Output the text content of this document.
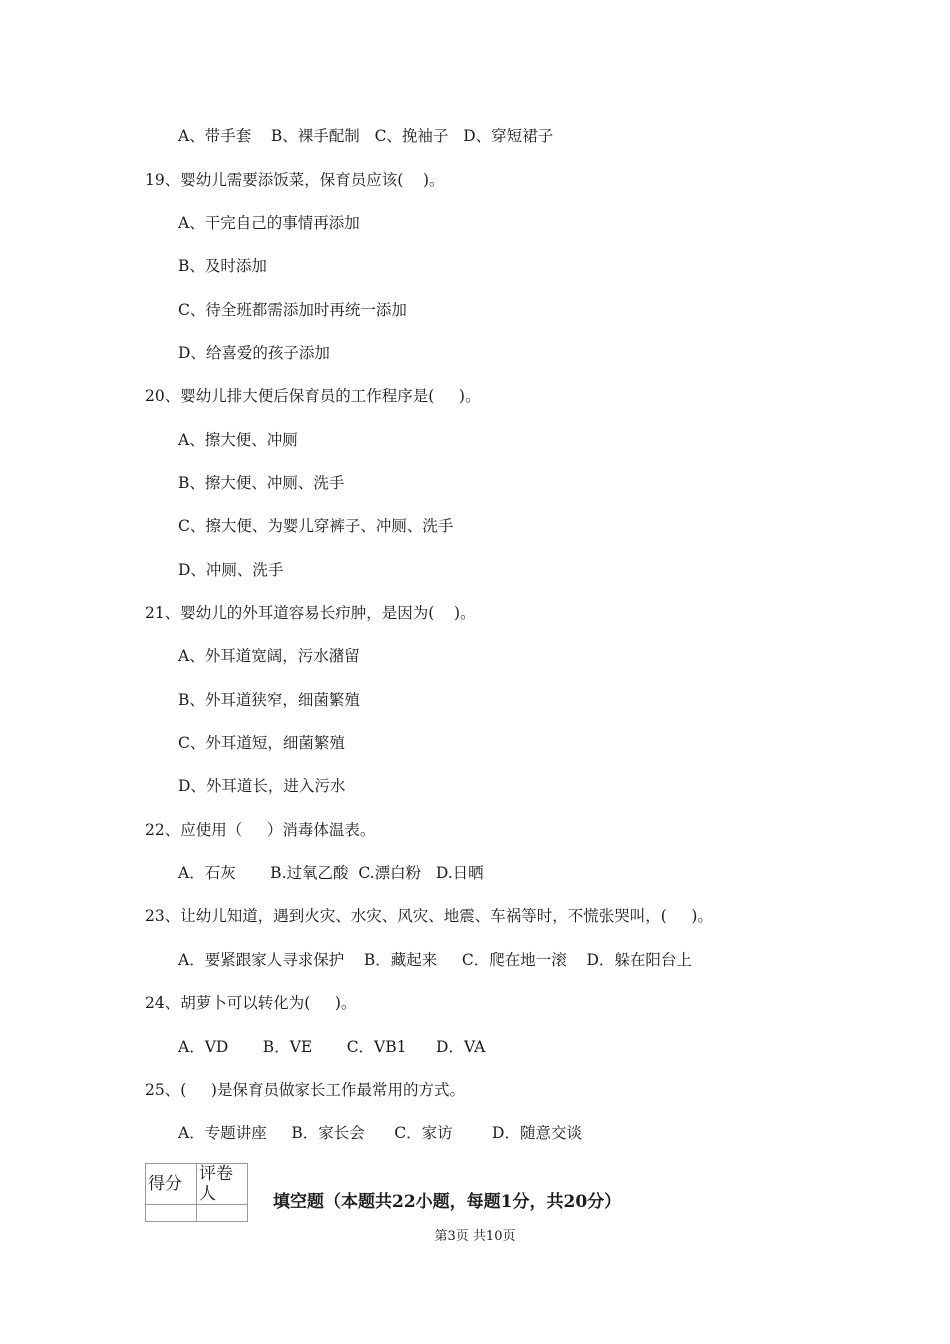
A、带手套    B、裸手配制   C、挽袖子   D、穿短裙子
19、婴幼儿需要添饭菜，保育员应该(    )。
A、干完自己的事情再添加
B、及时添加
C、待全班都需添加时再统一添加
D、给喜爱的孩子添加
20、婴幼儿排大便后保育员的工作程序是(     )。
A、擦大便、冲厕
B、擦大便、冲厕、洗手
C、擦大便、为婴儿穿裤子、冲厕、洗手
D、冲厕、洗手
21、婴幼儿的外耳道容易长疖肿，是因为(    )。
A、外耳道宽阔，污水潴留
B、外耳道狭窄，细菌繁殖
C、外耳道短，细菌繁殖
D、外耳道长，进入污水
22、应使用（     ）消毒体温表。
A．石灰       B.过氧乙酸  C.漂白粉   D.日晒
23、让幼儿知道，遇到火灾、水灾、风灾、地震、车祸等时，不慌张哭叫，(     )。
A．要紧跟家人寻求保护    B．藏起来     C．爬在地一滚    D．躲在阳台上
24、胡萝卜可以转化为(     )。
A．VD       B．VE       C．VB1      D．VA
25、(     )是保育员做家长工作最常用的方式。
A．专题讲座     B．家长会      C．家访        D．随意交谈
得分	评卷人
		填空题（本题共22小题，每题1分，共20分）
第3页 共10页
